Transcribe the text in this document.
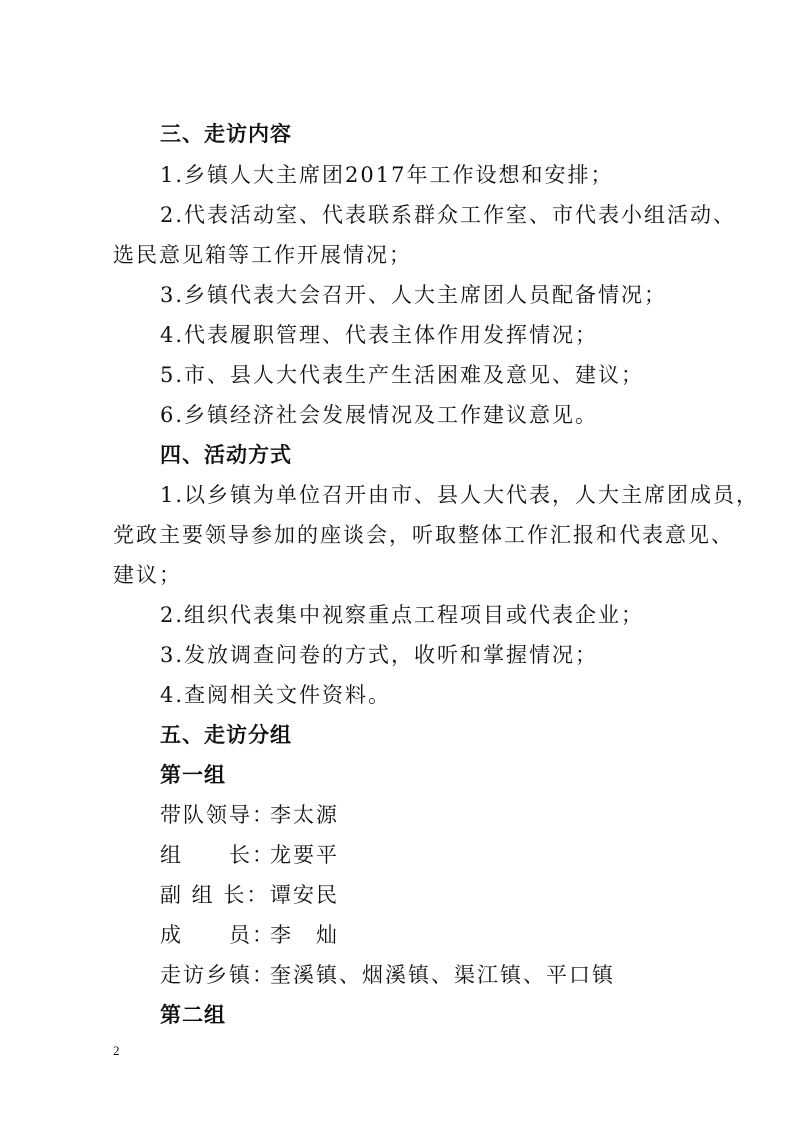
三、走访内容
1.乡镇人大主席团2017年工作设想和安排；
2.代表活动室、代表联系群众工作室、市代表小组活动、
选民意见箱等工作开展情况；
3.乡镇代表大会召开、人大主席团人员配备情况；
4.代表履职管理、代表主体作用发挥情况；
5.市、县人大代表生产生活困难及意见、建议；
6.乡镇经济社会发展情况及工作建议意见。
四、活动方式
1.以乡镇为单位召开由市、县人大代表，人大主席团成员，
党政主要领导参加的座谈会，听取整体工作汇报和代表意见、
建议；
2.组织代表集中视察重点工程项目或代表企业；
3.发放调查问卷的方式，收听和掌握情况；
4.查阅相关文件资料。
五、走访分组
第一组
带队领导：李太源
组　　长：龙要平
副 组 长：谭安民
成　　员：李　灿
走访乡镇：奎溪镇、烟溪镇、渠江镇、平口镇
第二组
2
